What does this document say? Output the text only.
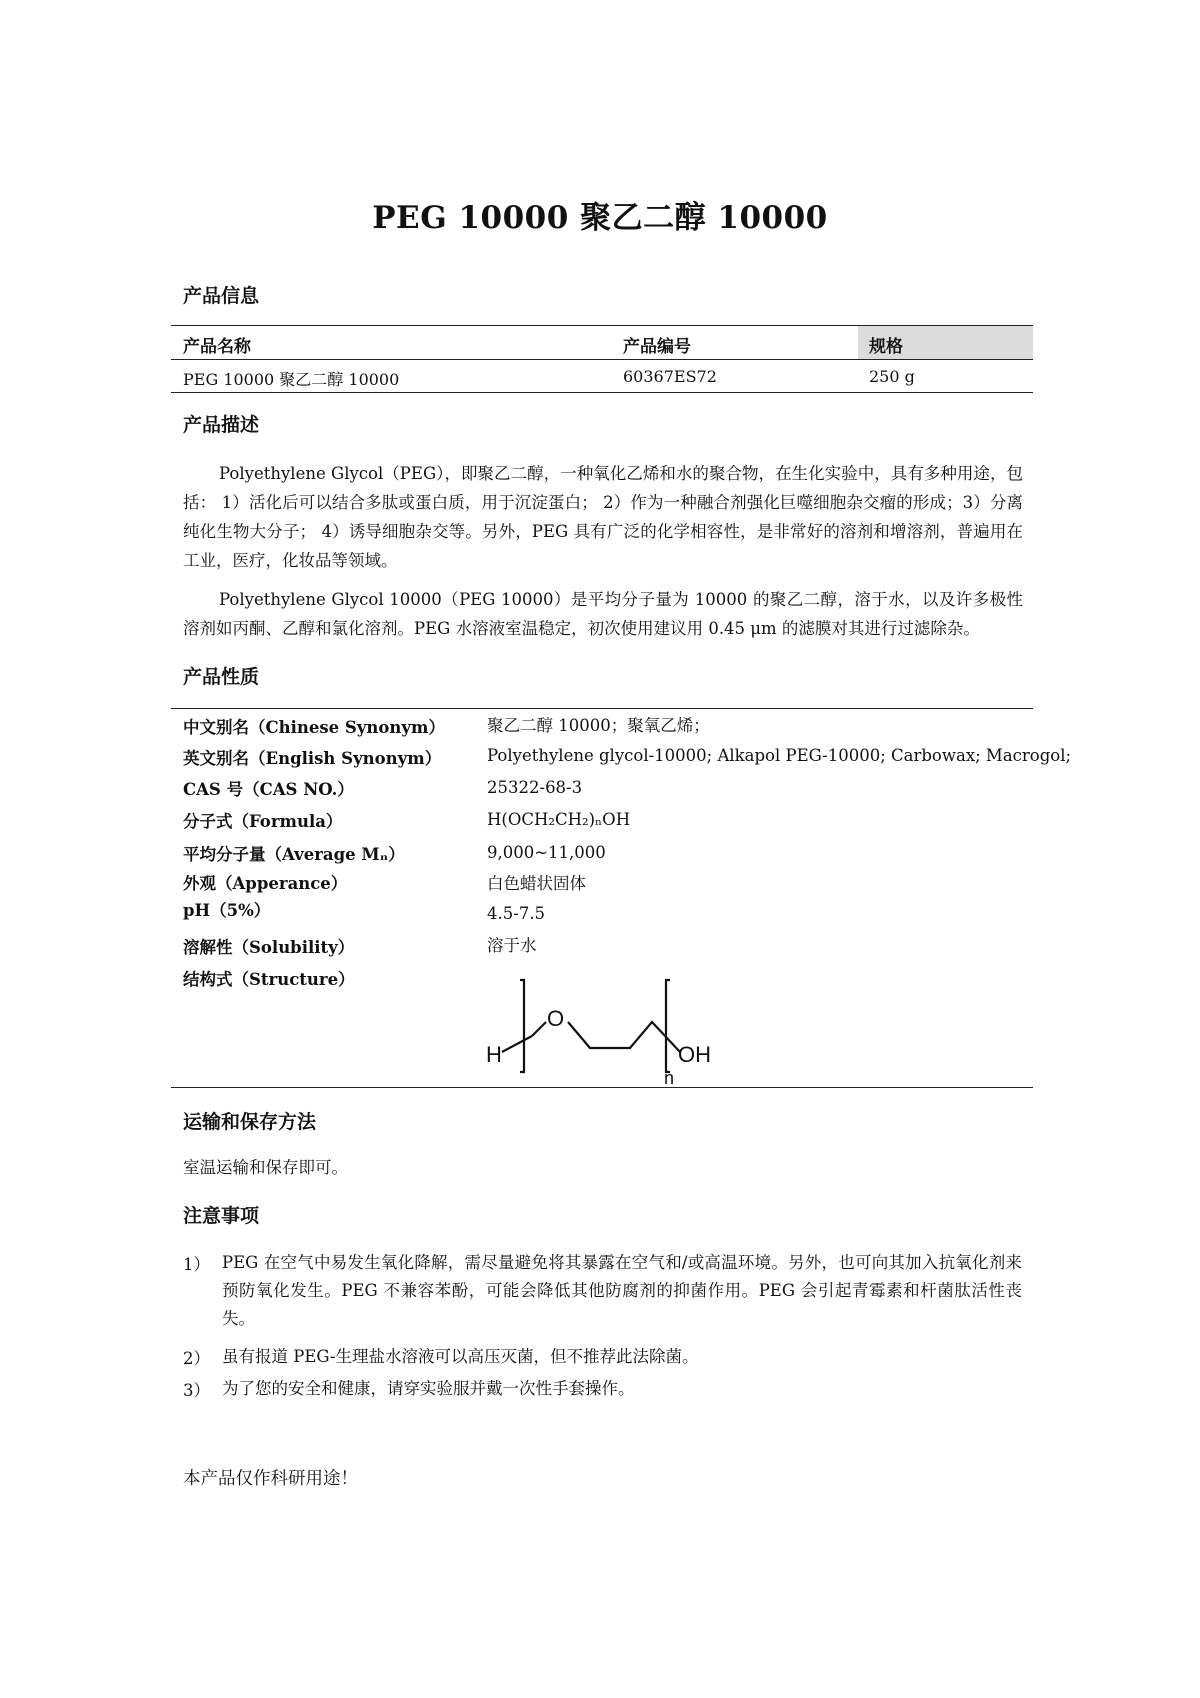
PEG 10000 聚乙二醇 10000
产品信息
产品名称	产品编号	规格
PEG 10000 聚乙二醇 10000	60367ES72	250 g
产品描述
Polyethylene Glycol（PEG），即聚乙二醇，一种氧化乙烯和水的聚合物，在生化实验中，具有多种用途，包括： 1）活化后可以结合多肽或蛋白质，用于沉淀蛋白； 2）作为一种融合剂强化巨噬细胞杂交瘤的形成；3）分离纯化生物大分子； 4）诱导细胞杂交等。另外，PEG 具有广泛的化学相容性，是非常好的溶剂和增溶剂，普遍用在工业，医疗，化妆品等领域。
Polyethylene Glycol 10000（PEG 10000）是平均分子量为 10000 的聚乙二醇，溶于水，以及许多极性溶剂如丙酮、乙醇和氯化溶剂。PEG 水溶液室温稳定，初次使用建议用 0.45 μm 的滤膜对其进行过滤除杂。
产品性质
中文别名（Chinese Synonym）	聚乙二醇 10000；聚氧乙烯；
英文别名（English Synonym）	Polyethylene glycol-10000; Alkapol PEG-10000; Carbowax; Macrogol;
CAS 号（CAS NO.）	25322-68-3
分子式（Formula）	H(OCH₂CH₂)ₙOH
平均分子量（Average Mₙ）	9,000~11,000
外观（Apperance）	白色蜡状固体
pH（5%）	4.5-7.5
溶解性（Solubility）	溶于水
结构式（Structure）
H
O
OH
n
运输和保存方法
室温运输和保存即可。
注意事项
1） PEG 在空气中易发生氧化降解，需尽量避免将其暴露在空气和/或高温环境。另外，也可向其加入抗氧化剂来预防氧化发生。PEG 不兼容苯酚，可能会降低其他防腐剂的抑菌作用。PEG 会引起青霉素和杆菌肽活性丧失。
2） 虽有报道 PEG-生理盐水溶液可以高压灭菌，但不推荐此法除菌。
3） 为了您的安全和健康，请穿实验服并戴一次性手套操作。
本产品仅作科研用途！
